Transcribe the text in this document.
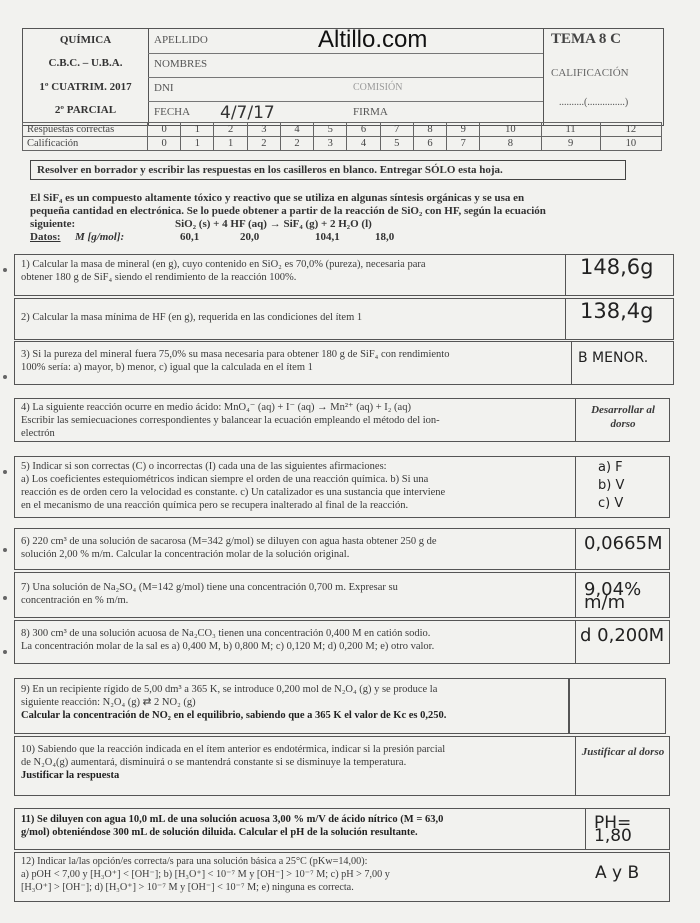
Altillo.com
QUÍMICA
C.B.C. – U.B.A.
1º CUATRIM. 2017
2º PARCIAL
APELLIDO
NOMBRES
DNI	COMISIÓN
FECHA 4/7/17	FIRMA
TEMA 8 C
CALIFICACIÓN
..........(...............)
Respuestas correctas	0	1	2	3	4	5	6	7	8	9	10	11	12
Calificación	0	1	1	2	2	3	4	5	6	7	8	9	10
Resolver en borrador y escribir las respuestas en los casilleros en blanco. Entregar SÓLO esta hoja.
El SiF₄ es un compuesto altamente tóxico y reactivo que se utiliza en algunas síntesis orgánicas y se usa en
pequeña cantidad en electrónica. Se lo puede obtener a partir de la reacción de SiO₂ con HF, según la ecuación
siguiente:	SiO₂ (s) + 4 HF (aq) → SiF₄ (g) + 2 H₂O (l)
Datos: M [g/mol]:	60,1	20,0	104,1	18,0
1) Calcular la masa de mineral (en g), cuyo contenido en SiO₂ es 70,0% (pureza), necesaria para
obtener 180 g de SiF₄ siendo el rendimiento de la reacción 100%.	148,6g
2) Calcular la masa mínima de HF (en g), requerida en las condiciones del ítem 1	138,4g
3) Si la pureza del mineral fuera 75,0% su masa necesaria para obtener 180 g de SiF₄ con rendimiento
100% sería: a) mayor, b) menor, c) igual que la calculada en el ítem 1
B MENOR.
4) La siguiente reacción ocurre en medio ácido: MnO₄⁻ (aq) + I⁻ (aq) → Mn²⁺ (aq) + I₂ (aq)
Escribir las semiecuaciones correspondientes y balancear la ecuación empleando el método del ion-
electrón
Desarrollar al dorso
5) Indicar si son correctas (C) o incorrectas (I) cada una de las siguientes afirmaciones:
a) Los coeficientes estequiométricos indican siempre el orden de una reacción química. b) Si una
reacción es de orden cero la velocidad es constante. c) Un catalizador es una sustancia que interviene
en el mecanismo de una reacción química pero se recupera inalterado al final de la reacción.
a) F
b) V
c) V
6) 220 cm³ de una solución de sacarosa (M=342 g/mol) se diluyen con agua hasta obtener 250 g de
solución 2,00 % m/m. Calcular la concentración molar de la solución original.
0,0665M
7) Una solución de Na₂SO₄ (M=142 g/mol) tiene una concentración 0,700 m. Expresar su
concentración en % m/m.
9,04% m/m
8) 300 cm³ de una solución acuosa de Na₂CO₃ tienen una concentración 0,400 M en catión sodio.
La concentración molar de la sal es a) 0,400 M, b) 0,800 M; c) 0,120 M; d) 0,200 M; e) otro valor.
d 0,200M
9) En un recipiente rígido de 5,00 dm³ a 365 K, se introduce 0,200 mol de N₂O₄ (g) y se produce la
siguiente reacción: N₂O₄ (g) ⇄ 2 NO₂ (g)
Calcular la concentración de NO₂ en el equilibrio, sabiendo que a 365 K el valor de Kc es 0,250.
10) Sabiendo que la reacción indicada en el ítem anterior es endotérmica, indicar si la presión parcial
de N₂O₄(g) aumentará, disminuirá o se mantendrá constante si se disminuye la temperatura.
Justificar la respuesta
Justificar al dorso
11) Se diluyen con agua 10,0 mL de una solución acuosa 3,00 % m/V de ácido nítrico (M = 63,0
g/mol) obteniéndose 300 mL de solución diluida. Calcular el pH de la solución resultante.	PH= 1,80
12) Indicar la/las opción/es correcta/s para una solución básica a 25°C (pKw=14,00):
a) pOH < 7,00 y [H₃O⁺] < [OH⁻]; b) [H₃O⁺] < 10⁻⁷ M y [OH⁻] > 10⁻⁷ M; c) pH > 7,00 y
[H₃O⁺] > [OH⁻]; d) [H₃O⁺] > 10⁻⁷ M y [OH⁻] < 10⁻⁷ M; e) ninguna es correcta.
A y B
